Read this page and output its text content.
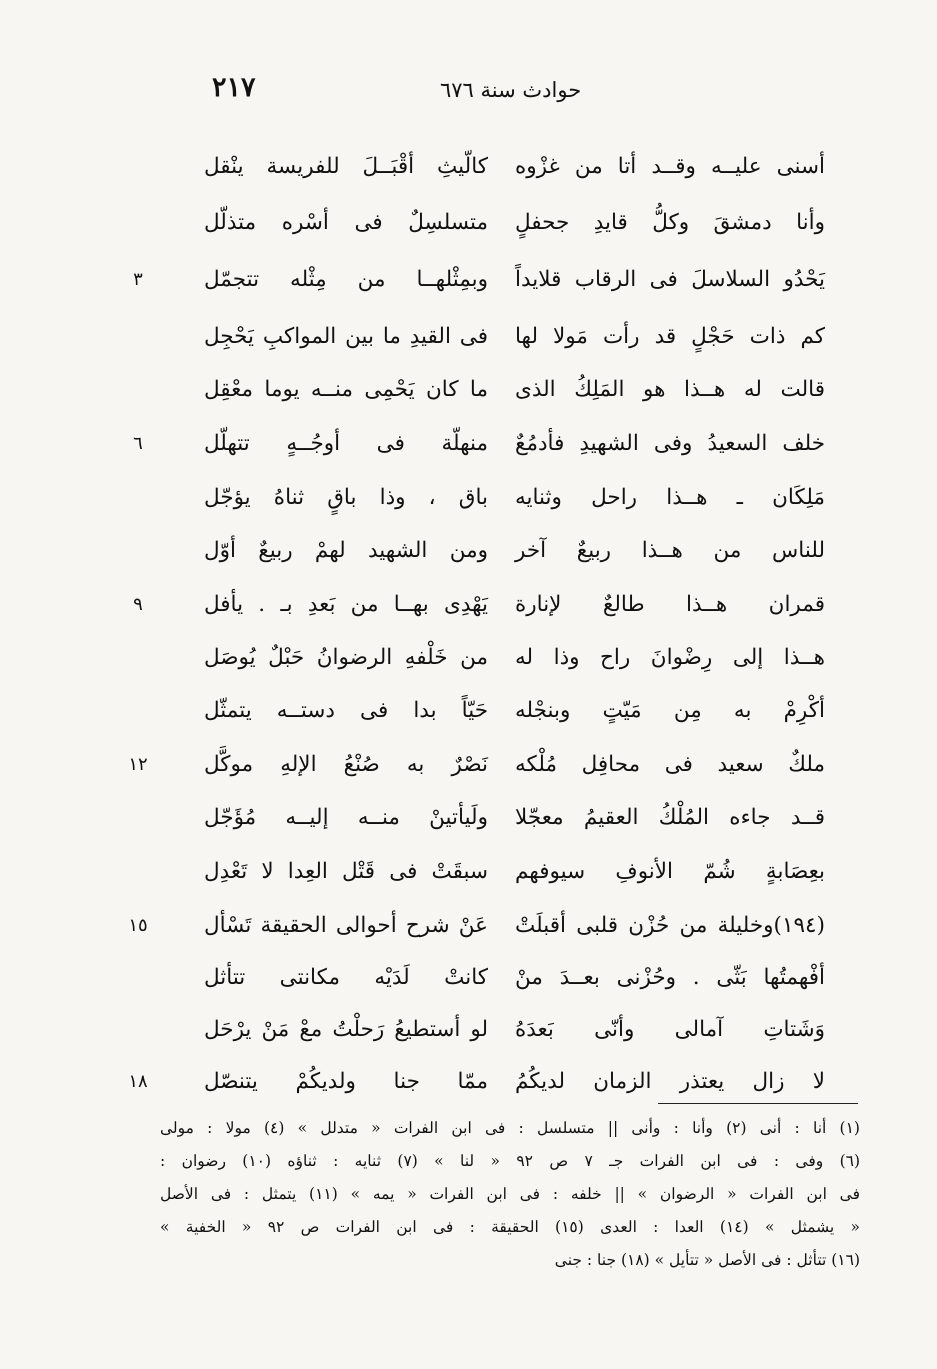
٢١٧	حوادث سنة ٦٧٦
أسنى عليــه وقــد أتا من غزْوه
كالّيثِ أقْبَــلَ للفريسة ينْقل
وأنا دمشقَ وكلُّ قايدِ جحفلٍ
متسلسِلٌ فى أسْره متذلّل
يَحْدُو السلاسلَ فى الرقاب قلايداً
وبمِثْلهــا من مِثْله تتجمّل
٣
كم ذات حَجْلٍ قد رأت مَولا لها
فى القيدِ ما بين المواكبِ يَحْجِل
قالت له هــذا هو المَلِكُ الذى
ما كان يَحْمِى منــه يوما معْقِل
خلف السعيدُ وفى الشهيدِ فأدمُعٌ
منهلّة فى أوجُــهٍ تتهلّل
٦
مَلِكَان ـ هــذا راحل وثنايه
باق ، وذا باقٍ ثناهُ يؤجّل
للناس من هــذا ربيعٌ آخر
ومن الشهيد لهمْ ربيعٌ أوّل
قمران هــذا طالعٌ لإنارة
يَهْدِى بهــا من بَعدِ بـ . يأفل
٩
هــذا إلى رِضْوانَ راح وذا له
من خَلْفهِ الرضوانُ حَبْلٌ يُوصَل
أكْرِمْ به مِن مَيّتٍ وبنجْله
حَيّاً بدا فى دستــه يتمثّل
ملكٌ سعيد فى محافِل مُلْكه
نَصْرٌ به صُنْعُ الإلهِ موكَّل
١٢
قــد جاءه المُلْكُ العقيمُ معجّلا
ولَيأتينْ منــه إليــه مُؤَجّل
بعِصَابةٍ شُمّ الأنوفِ سيوفهم
سبقَتْ فى قَتْل العِدا لا تَعْدِل
(١٩٤)وخليلة من حُزْن قلبى أقبلَتْ
عَنْ شرح أحوالى الحقيقة تَسْأل
١٥
أفْهمتُها بَثّى . وحُزْنى بعــدَ منْ
كانتْ لَدَيْه مكانتى تتأثل
وَشَتاتِ آمالى وأنّى بَعدَهُ
لو أستطيعُ رَحلْتُ معْ مَنْ يرْحَل
لا زال يعتذر الزمان لديكُمُ
ممّا جنا ولديكُمْ يتنصّل
١٨
(١) أنا : أنى (٢) وأنا : وأنى || متسلسل : فى ابن الفرات « متدلل » (٤) مولا : مولى
(٦) وفى : فى ابن الفرات جـ ٧ ص ٩٢ « لنا » (٧) ثنايه : ثناؤه (١٠) رضوان :
فى ابن الفرات « الرضوان » || خلفه : فى ابن الفرات « يمه » (١١) يتمثل : فى الأصل
« يشمثل » (١٤) العدا : العدى (١٥) الحقيقة : فى ابن الفرات ص ٩٢ « الخفية »
(١٦) تتأثل : فى الأصل « تتأيل » (١٨) جنا : جنى
